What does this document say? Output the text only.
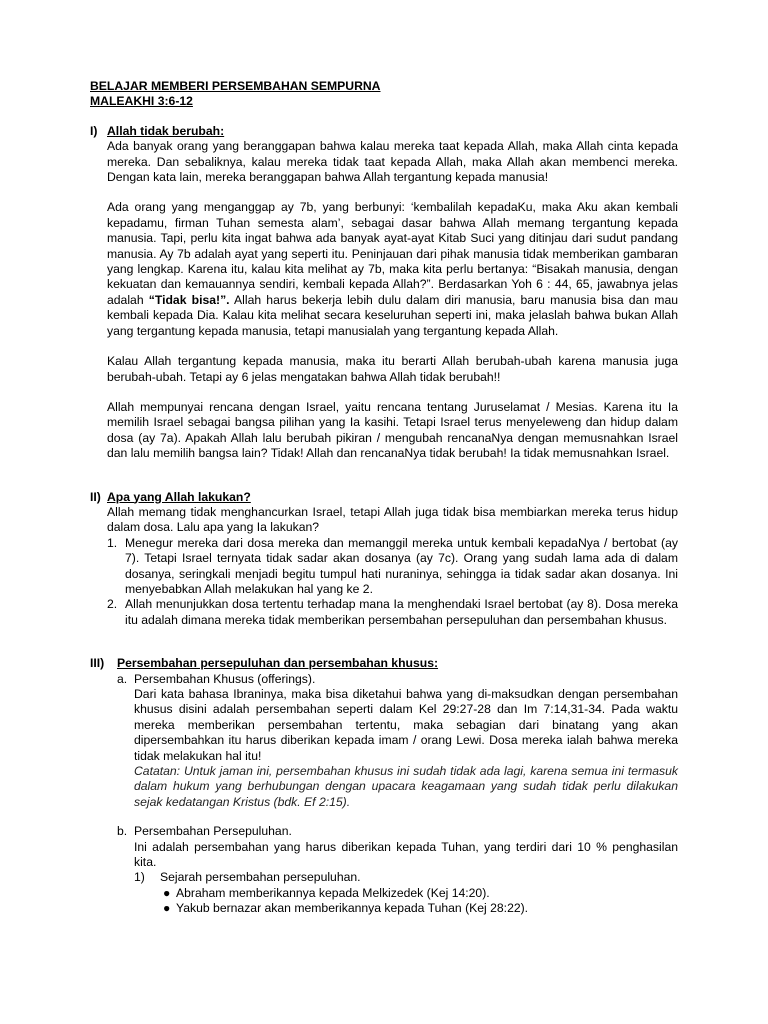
BELAJAR MEMBERI PERSEMBAHAN SEMPURNA
MALEAKHI 3:6-12
I) Allah tidak berubah:

Ada banyak orang yang beranggapan bahwa kalau mereka taat kepada Allah, maka Allah cinta kepada mereka. Dan sebaliknya, kalau mereka tidak taat kepada Allah, maka Allah akan membenci mereka. Dengan kata lain, mereka beranggapan bahwa Allah tergantung kepada manusia!

Ada orang yang menganggap ay 7b, yang berbunyi: ‘kembalilah kepadaKu, maka Aku akan kembali kepadamu, firman Tuhan semesta alam’, sebagai dasar bahwa Allah memang tergantung kepada manusia. Tapi, perlu kita ingat bahwa ada banyak ayat-ayat Kitab Suci yang ditinjau dari sudut pandang manusia. Ay 7b adalah ayat yang seperti itu. Peninjauan dari pihak manusia tidak memberikan gambaran yang lengkap. Karena itu, kalau kita melihat ay 7b, maka kita perlu bertanya: “Bisakah manusia, dengan kekuatan dan kemauannya sendiri, kembali kepada Allah?”. Berdasarkan Yoh 6 : 44, 65, jawabnya jelas adalah “Tidak bisa!”. Allah harus bekerja lebih dulu dalam diri manusia, baru manusia bisa dan mau kembali kepada Dia. Kalau kita melihat secara keseluruhan seperti ini, maka jelaslah bahwa bukan Allah yang tergantung kepada manusia, tetapi manusialah yang tergantung kepada Allah.

Kalau Allah tergantung kepada manusia, maka itu berarti Allah berubah-ubah karena manusia juga berubah-ubah. Tetapi ay 6 jelas mengatakan bahwa Allah tidak berubah!!

Allah mempunyai rencana dengan Israel, yaitu rencana tentang Juruselamat / Mesias. Karena itu Ia memilih Israel sebagai bangsa pilihan yang Ia kasihi. Tetapi Israel terus menyeleweng dan hidup dalam dosa (ay 7a). Apakah Allah lalu berubah pikiran / mengubah rencanaNya dengan memusnahkan Israel dan lalu memilih bangsa lain? Tidak! Allah dan rencanaNya tidak berubah! Ia tidak memusnahkan Israel.

II) Apa yang Allah lakukan?

Allah memang tidak menghancurkan Israel, tetapi Allah juga tidak bisa membiarkan mereka terus hidup dalam dosa. Lalu apa yang Ia lakukan?

1. Menegur mereka dari dosa mereka dan memanggil mereka untuk kembali kepadaNya / bertobat (ay 7). Tetapi Israel ternyata tidak sadar akan dosanya (ay 7c). Orang yang sudah lama ada di dalam dosanya, seringkali menjadi begitu tumpul hati nuraninya, sehingga ia tidak sadar akan dosanya. Ini menyebabkan Allah melakukan hal yang ke 2.
2. Allah menunjukkan dosa tertentu terhadap mana Ia menghendaki Israel bertobat (ay 8). Dosa mereka itu adalah dimana mereka tidak memberikan persembahan persepuluhan dan persembahan khusus.
III) Persembahan persepuluhan dan persembahan khusus:
a. Persembahan Khusus (offerings).

Dari kata bahasa Ibraninya, maka bisa diketahui bahwa yang di-maksudkan dengan persembahan khusus disini adalah persembahan seperti dalam Kel 29:27-28 dan Im 7:14,31-34. Pada waktu mereka memberikan persembahan tertentu, maka sebagian dari binatang yang akan dipersembahkan itu harus diberikan kepada imam / orang Lewi. Dosa mereka ialah bahwa mereka tidak melakukan hal itu!

Catatan: Untuk jaman ini, persembahan khusus ini sudah tidak ada lagi, karena semua ini termasuk dalam hukum yang berhubungan dengan upacara keagamaan yang sudah tidak perlu dilakukan sejak kedatangan Kristus (bdk. Ef 2:15).

b. Persembahan Persepuluhan.

Ini adalah persembahan yang harus diberikan kepada Tuhan, yang terdiri dari 10 % penghasilan kita.

1) Sejarah persembahan persepuluhan.
● Abraham memberikannya kepada Melkizedek (Kej 14:20).
● Yakub bernazar akan memberikannya kepada Tuhan (Kej 28:22).
